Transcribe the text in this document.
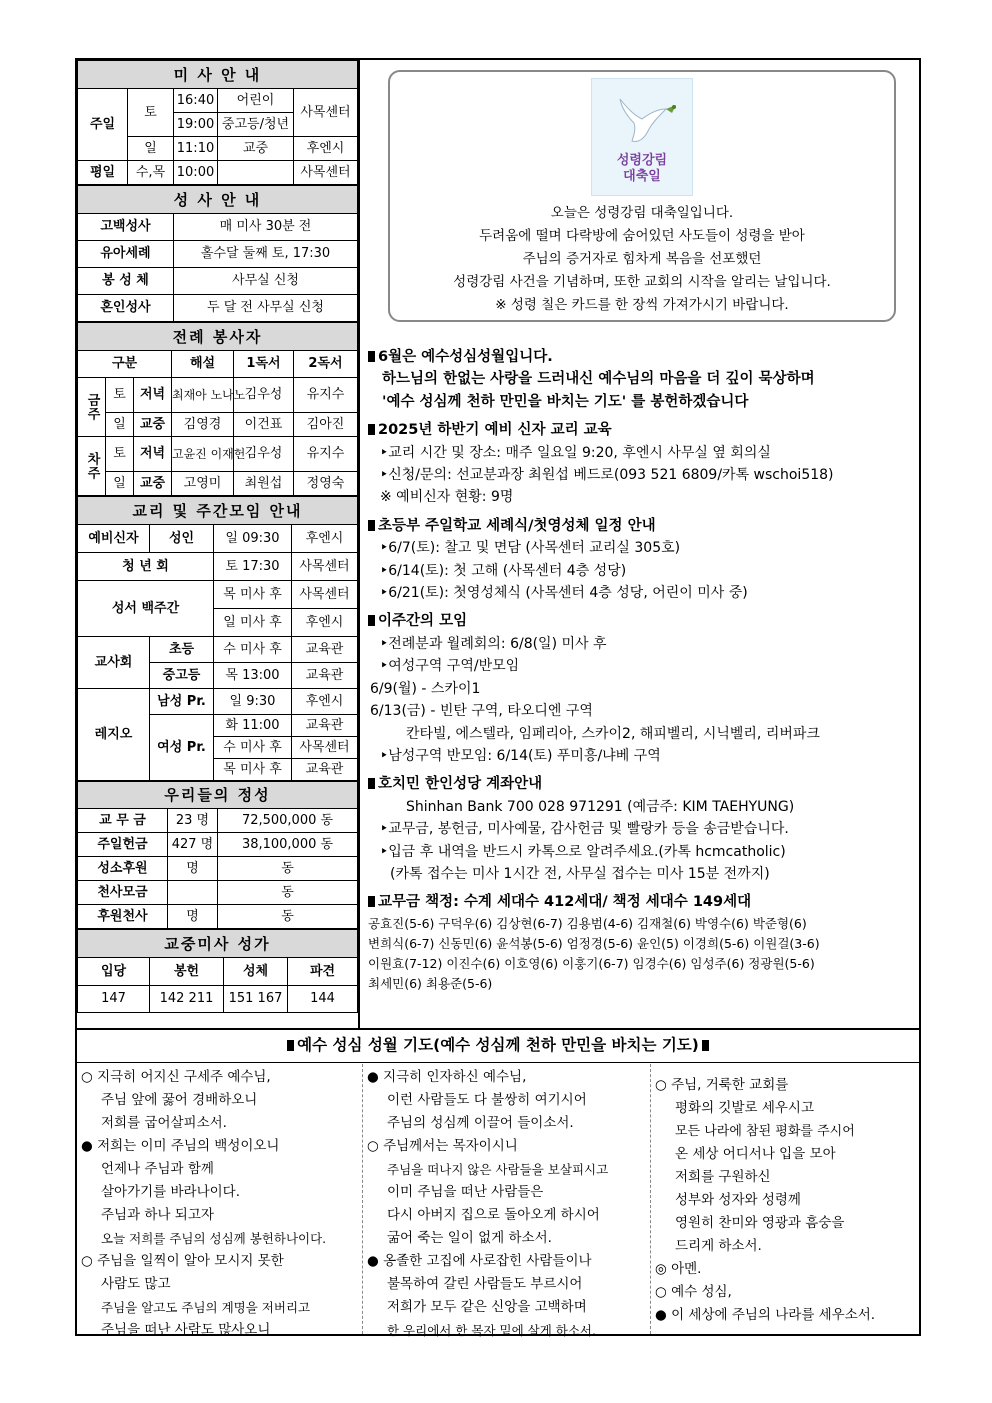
미 사 안 내				
주일	토	16:40	어린이	사목센터
		19:00	중고등/청년	
	일	11:10	교중	후엔시
평일	수,목	10:00		사목센터
성 사 안 내	
고백성사	매 미사 30분 전
유아세례	홀수달 둘째 토, 17:30
봉 성 체	사무실 신청
혼인성사	두 달 전 사무실 신청
전례 봉사자					
구분			해설	1독서	2독서
금주	토	저녁	최재아 노나노	김우성	유지수
	일	교중	김영경	이건표	김아진
차주	토	저녁	고윤진 이재헌	김우성	유지수
	일	교중	고영미	최원섭	정영숙
교리 및 주간모임 안내			
예비신자	성인	일 09:30	후엔시
청 년 회		토 17:30	사목센터
성서 백주간		목 미사 후	사목센터
		일 미사 후	후엔시
교사회	초등	수 미사 후	교육관
	중고등	목 13:00	교육관
레지오	남성 Pr.	일 9:30	후엔시
	여성 Pr.	화 11:00	교육관
		수 미사 후	사목센터
		목 미사 후	교육관
우리들의 정성		
교 무 금	23 명	72,500,000 동
주일헌금	427 명	38,100,000 동
성소후원	명	동
천사모금		동
후원천사	명	동
교중미사 성가			
입당	봉헌	성체	파견
147	142 211	151 167	144
성령강림
대축일
오늘은 성령강림 대축일입니다.
두려움에 떨며 다락방에 숨어있던 사도들이 성령을 받아
주님의 증거자로 힘차게 복음을 선포했던
성령강림 사건을 기념하며, 또한 교회의 시작을 알리는 날입니다.
※ 성령 칠은 카드를 한 장씩 가져가시기 바랍니다.
6월은 예수성심성월입니다.
하느님의 한없는 사랑을 드러내신 예수님의 마음을 더 깊이 묵상하며
'예수 성심께 천하 만민을 바치는 기도' 를 봉헌하겠습니다
2025년 하반기 예비 신자 교리 교육
‣교리 시간 및 장소: 매주 일요일 9:20, 후엔시 사무실 옆 회의실
‣신청/문의: 선교분과장 최원섭 베드로(093 521 6809/카톡 wschoi518)
※ 예비신자 현황: 9명
초등부 주일학교 세례식/첫영성체 일정 안내
‣6/7(토): 찰고 및 면담 (사목센터 교리실 305호)
‣6/14(토): 첫 고해 (사목센터 4층 성당)
‣6/21(토): 첫영성체식 (사목센터 4층 성당, 어린이 미사 중)
이주간의 모임
‣전례분과 월례회의: 6/8(일) 미사 후
‣여성구역 구역/반모임
6/9(월) - 스카이1
6/13(금) - 빈탄 구역, 타오디엔 구역
칸타빌, 에스텔라, 임페리아, 스카이2, 해피벨리, 시닉벨리, 리버파크
‣남성구역 반모임: 6/14(토) 푸미흥/냐베 구역
호치민 한인성당 계좌안내
Shinhan Bank 700 028 971291 (예금주: KIM TAEHYUNG)
‣교무금, 봉헌금, 미사예물, 감사헌금 및 빨랑카 등을 송금받습니다.
‣입금 후 내역을 반드시 카톡으로 알려주세요.(카톡 hcmcatholic)
(카톡 접수는 미사 1시간 전, 사무실 접수는 미사 15분 전까지)
교무금 책정: 수계 세대수 412세대/ 책정 세대수 149세대
공효진(5-6) 구덕우(6) 김상현(6-7) 김용범(4-6) 김재철(6) 박영수(6) 박준형(6)
변희식(6-7) 신동민(6) 윤석봉(5-6) 엄정경(5-6) 윤인(5) 이경희(5-6) 이원걸(3-6)
이원효(7-12) 이진수(6) 이호영(6) 이훙기(6-7) 임경수(6) 임성주(6) 정광원(5-6)
최세민(6) 최용준(5-6)
예수 성심 성월 기도(예수 성심께 천하 만민을 바치는 기도)
○ 지극히 어지신 구세주 예수님,
주님 앞에 꿇어 경배하오니
저희를 굽어살피소서.
● 저희는 이미 주님의 백성이오니
언제나 주님과 함께
살아가기를 바라나이다.
주님과 하나 되고자
오늘 저희를 주님의 성심께 봉헌하나이다.
○ 주님을 일찍이 알아 모시지 못한
사람도 많고
주님을 알고도 주님의 계명을 저버리고
주님을 떠난 사람도 많사오니
● 지극히 인자하신 예수님,
이런 사람들도 다 불쌍히 여기시어
주님의 성심께 이끌어 들이소서.
○ 주님께서는 목자이시니
주님을 떠나지 않은 사람들을 보살피시고
이미 주님을 떠난 사람들은
다시 아버지 집으로 돌아오게 하시어
굶어 죽는 일이 없게 하소서.
● 옹졸한 고집에 사로잡힌 사람들이나
불목하여 갈린 사람들도 부르시어
저희가 모두 같은 신앙을 고백하며
한 우리에서 한 목자 밑에 살게 하소서.
○ 주님, 거룩한 교회를
평화의 깃발로 세우시고
모든 나라에 참된 평화를 주시어
온 세상 어디서나 입을 모아
저희를 구원하신
성부와 성자와 성령께
영원히 찬미와 영광과 흠숭을
드리게 하소서.
◎ 아멘.
○ 예수 성심,
● 이 세상에 주님의 나라를 세우소서.
